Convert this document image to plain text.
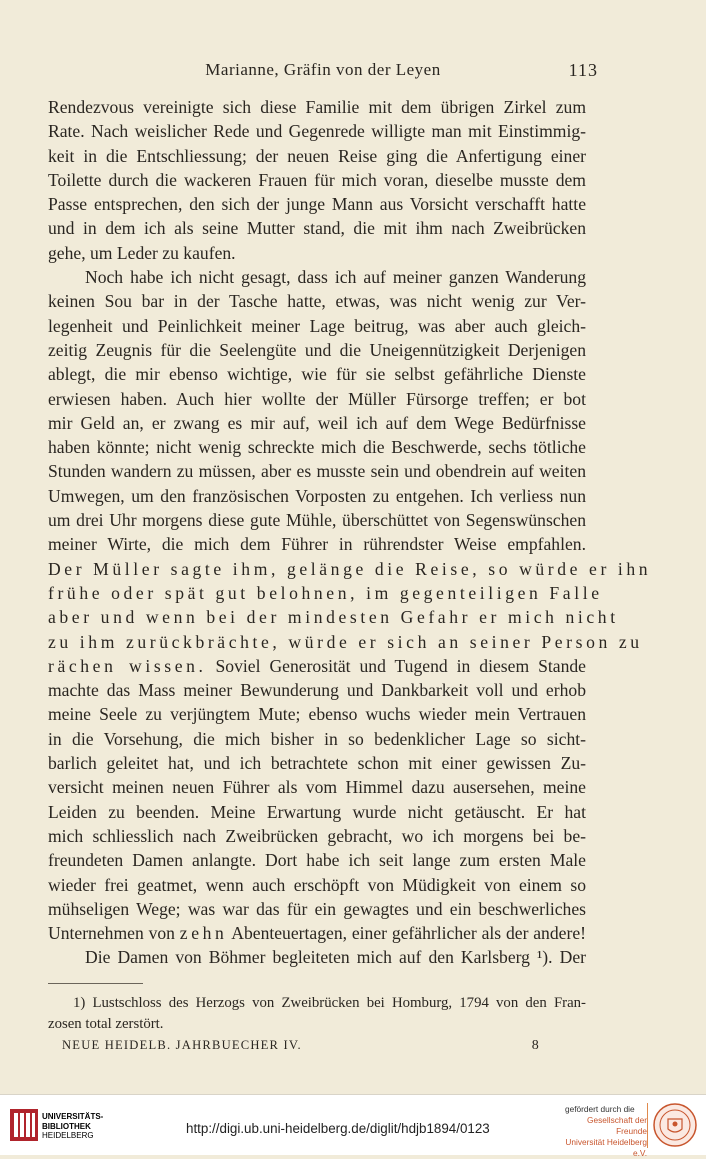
Marianne, Gräfin von der Leyen	113
Rendezvous vereinigte sich diese Familie mit dem übrigen Zirkel zum
Rate. Nach weislicher Rede und Gegenrede willigte man mit Einstimmig-
keit in die Entschliessung; der neuen Reise ging die Anfertigung einer
Toilette durch die wackeren Frauen für mich voran, dieselbe musste dem
Passe entsprechen, den sich der junge Mann aus Vorsicht verschafft hatte
und in dem ich als seine Mutter stand, die mit ihm nach Zweibrücken
gehe, um Leder zu kaufen.
Noch habe ich nicht gesagt, dass ich auf meiner ganzen Wanderung
keinen Sou bar in der Tasche hatte, etwas, was nicht wenig zur Ver-
legenheit und Peinlichkeit meiner Lage beitrug, was aber auch gleich-
zeitig Zeugnis für die Seelengüte und die Uneigennützigkeit Derjenigen
ablegt, die mir ebenso wichtige, wie für sie selbst gefährliche Dienste
erwiesen haben. Auch hier wollte der Müller Fürsorge treffen; er bot
mir Geld an, er zwang es mir auf, weil ich auf dem Wege Bedürfnisse
haben könnte; nicht wenig schreckte mich die Beschwerde, sechs tötliche
Stunden wandern zu müssen, aber es musste sein und obendrein auf weiten
Umwegen, um den französischen Vorposten zu entgehen. Ich verliess nun
um drei Uhr morgens diese gute Mühle, überschüttet von Segenswünschen
meiner Wirte, die mich dem Führer in rührendster Weise empfahlen.
Der Müller sagte ihm, gelänge die Reise, so würde er ihn
frühe oder spät gut belohnen, im gegenteiligen Falle
aber und wenn bei der mindesten Gefahr er mich nicht
zu ihm zurückbrächte, würde er sich an seiner Person zu
rächen wissen. Soviel Generosität und Tugend in diesem Stande
machte das Mass meiner Bewunderung und Dankbarkeit voll und erhob
meine Seele zu verjüngtem Mute; ebenso wuchs wieder mein Vertrauen
in die Vorsehung, die mich bisher in so bedenklicher Lage so sicht-
barlich geleitet hat, und ich betrachtete schon mit einer gewissen Zu-
versicht meinen neuen Führer als vom Himmel dazu ausersehen, meine
Leiden zu beenden. Meine Erwartung wurde nicht getäuscht. Er hat
mich schliesslich nach Zweibrücken gebracht, wo ich morgens bei be-
freundeten Damen anlangte. Dort habe ich seit lange zum ersten Male
wieder frei geatmet, wenn auch erschöpft von Müdigkeit von einem so
mühseligen Wege; was war das für ein gewagtes und ein beschwerliches
Unternehmen von zehn Abenteuertagen, einer gefährlicher als der andere!
Die Damen von Böhmer begleiteten mich auf den Karlsberg ¹). Der
1) Lustschloss des Herzogs von Zweibrücken bei Homburg, 1794 von den Fran-
zosen total zerstört.
NEUE HEIDELB. JAHRBUECHER IV.	8
UNIVERSITÄTS-
BIBLIOTHEK
HEIDELBERG	http://digi.ub.uni-heidelberg.de/diglit/hdjb1894/0123
gefördert durch die
Gesellschaft der Freunde
Universität Heidelberg e.V.
